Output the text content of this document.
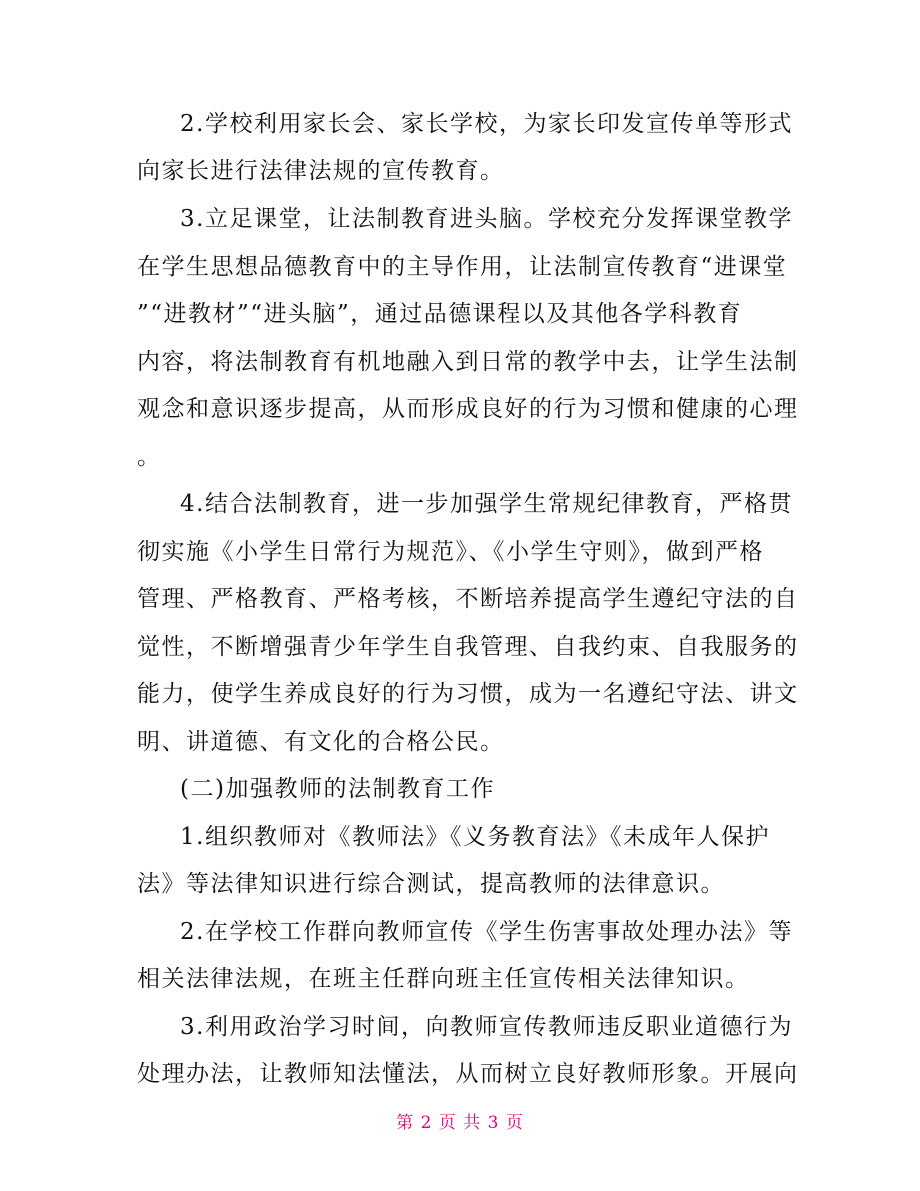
2.学校利用家长会、家长学校，为家长印发宣传单等形式
向家长进行法律法规的宣传教育。
3.立足课堂，让法制教育进头脑。学校充分发挥课堂教学
在学生思想品德教育中的主导作用，让法制宣传教育“进课堂
”“进教材”“进头脑”，通过品德课程以及其他各学科教育
内容，将法制教育有机地融入到日常的教学中去，让学生法制
观念和意识逐步提高，从而形成良好的行为习惯和健康的心理
。
4.结合法制教育，进一步加强学生常规纪律教育，严格贯
彻实施《小学生日常行为规范》、《小学生守则》，做到严格
管理、严格教育、严格考核，不断培养提高学生遵纪守法的自
觉性，不断增强青少年学生自我管理、自我约束、自我服务的
能力，使学生养成良好的行为习惯，成为一名遵纪守法、讲文
明、讲道德、有文化的合格公民。
(二)加强教师的法制教育工作
1.组织教师对《教师法》《义务教育法》《未成年人保护
法》等法律知识进行综合测试，提高教师的法律意识。
2.在学校工作群向教师宣传《学生伤害事故处理办法》等
相关法律法规，在班主任群向班主任宣传相关法律知识。
3.利用政治学习时间，向教师宣传教师违反职业道德行为
处理办法，让教师知法懂法，从而树立良好教师形象。开展向
第 2 页 共 3 页
